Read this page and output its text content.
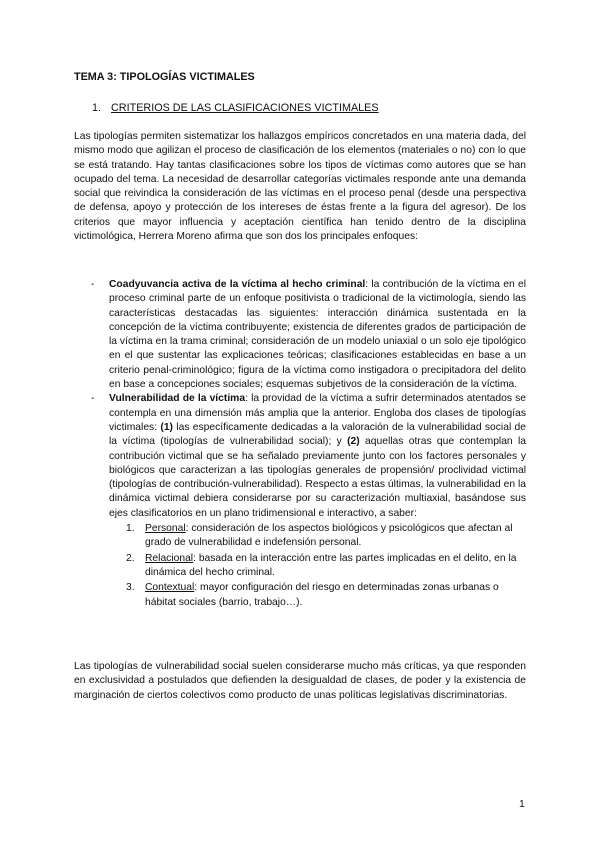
TEMA 3: TIPOLOGÍAS VICTIMALES
1. CRITERIOS DE LAS CLASIFICACIONES VICTIMALES

Las tipologías permiten sistematizar los hallazgos empíricos concretados en una materia dada, del mismo modo que agilizan el proceso de clasificación de los elementos (materiales o no) con lo que se está tratando. Hay tantas clasificaciones sobre los tipos de víctimas como autores que se han ocupado del tema. La necesidad de desarrollar categorías victimales responde ante una demanda social que reivindica la consideración de las víctimas en el proceso penal (desde una perspectiva de defensa, apoyo y protección de los intereses de éstas frente a la figura del agresor). De los criterios que mayor influencia y aceptación científica han tenido dentro de la disciplina victimológica, Herrera Moreno afirma que son dos los principales enfoques:

- Coadyuvancia activa de la víctima al hecho criminal: la contribución de la víctima en el proceso criminal parte de un enfoque positivista o tradicional de la victimología, siendo las características destacadas las siguientes: interacción dinámica sustentada en la concepción de la víctima contribuyente; existencia de diferentes grados de participación de la víctima en la trama criminal; consideración de un modelo uniaxial o un solo eje tipológico en el que sustentar las explicaciones teóricas; clasificaciones establecidas en base a un criterio penal-criminológico; figura de la víctima como instigadora o precipitadora del delito en base a concepciones sociales; esquemas subjetivos de la consideración de la víctima.
- Vulnerabilidad de la víctima: la providad de la víctima a sufrir determinados atentados se contempla en una dimensión más amplia que la anterior. Engloba dos clases de tipologías victimales: (1) las específicamente dedicadas a la valoración de la vulnerabilidad social de la víctima (tipologías de vulnerabilidad social); y (2) aquellas otras que contemplan la contribución victimal que se ha señalado previamente junto con los factores personales y biológicos que caracterizan a las tipologías generales de propensión/ proclividad victimal (tipologías de contribución-vulnerabilidad). Respecto a estas últimas, la vulnerabilidad en la dinámica victimal debiera considerarse por su caracterización multiaxial, basándose sus ejes clasificatorios en un plano tridimensional e interactivo, a saber:
1. Personal: consideración de los aspectos biológicos y psicológicos que afectan al grado de vulnerabilidad e indefensión personal.
2. Relacional: basada en la interacción entre las partes implicadas en el delito, en la dinámica del hecho criminal.
3. Contextual: mayor configuración del riesgo en determinadas zonas urbanas o hábitat sociales (barrio, trabajo…).

Las tipologías de vulnerabilidad social suelen considerarse mucho más críticas, ya que responden en exclusividad a postulados que defienden la desigualdad de clases, de poder y la existencia de marginación de ciertos colectivos como producto de unas políticas legislativas discriminatorias.

1
